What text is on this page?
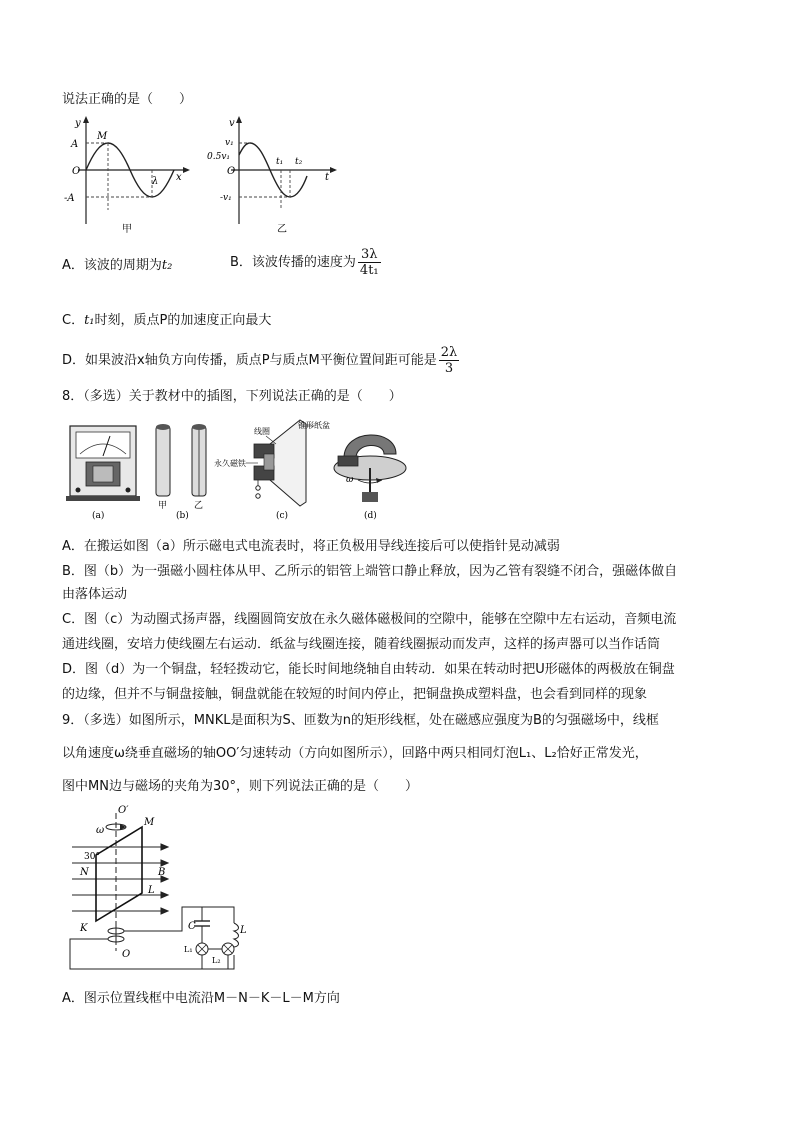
说法正确的是（　　）
y
A
O
-A
M
λ x
甲
v
v₁
0.5v₁
O
-v₁
t₁ t₂
t
乙
A．该波的周期为t₂	B．该波传播的速度为 $\frac{3\lambda}{\text{4t₁}}$
C．t₁时刻，质点P的加速度正向最大
D．如果波沿x轴负方向传播，质点P与质点M平衡位置间距可能是 $\frac{2\lambda}{3}$
8．（多选）关于教材中的插图，下列说法正确的是（　　）
(a)
甲	乙
(b)
线圈
锥形纸盆
永久磁铁
(c)
ω
(d)
A．在搬运如图（a）所示磁电式电流表时，将正负极用导线连接后可以使指针晃动减弱
B．图（b）为一强磁小圆柱体从甲、乙所示的铝管上端管口静止释放，因为乙管有裂缝不闭合，强磁体做自
由落体运动
C．图（c）为动圈式扬声器，线圈圆筒安放在永久磁体磁极间的空隙中，能够在空隙中左右运动，音频电流
通进线圈，安培力使线圈左右运动．纸盆与线圈连接，随着线圈振动而发声，这样的扬声器可以当作话筒
D．图（d）为一个铜盘，轻轻拨动它，能长时间地绕轴自由转动．如果在转动时把U形磁体的两极放在铜盘
的边缘，但并不与铜盘接触，铜盘就能在较短的时间内停止，把铜盘换成塑料盘，也会看到同样的现象
9．（多选）如图所示，MNKL是面积为S、匝数为n的矩形线框，处在磁感应强度为B的匀强磁场中，线框
以角速度ω绕垂直磁场的轴OO′匀速转动（方向如图所示），回路中两只相同灯泡L₁、L₂恰好正常发光，
图中MN边与磁场的夹角为30°，则下列说法正确的是（　　）
O′
ω
M
30°
N	B
L
K
O
C	L
L₁
L₂
A．图示位置线框中电流沿M－N－K－L－M方向
